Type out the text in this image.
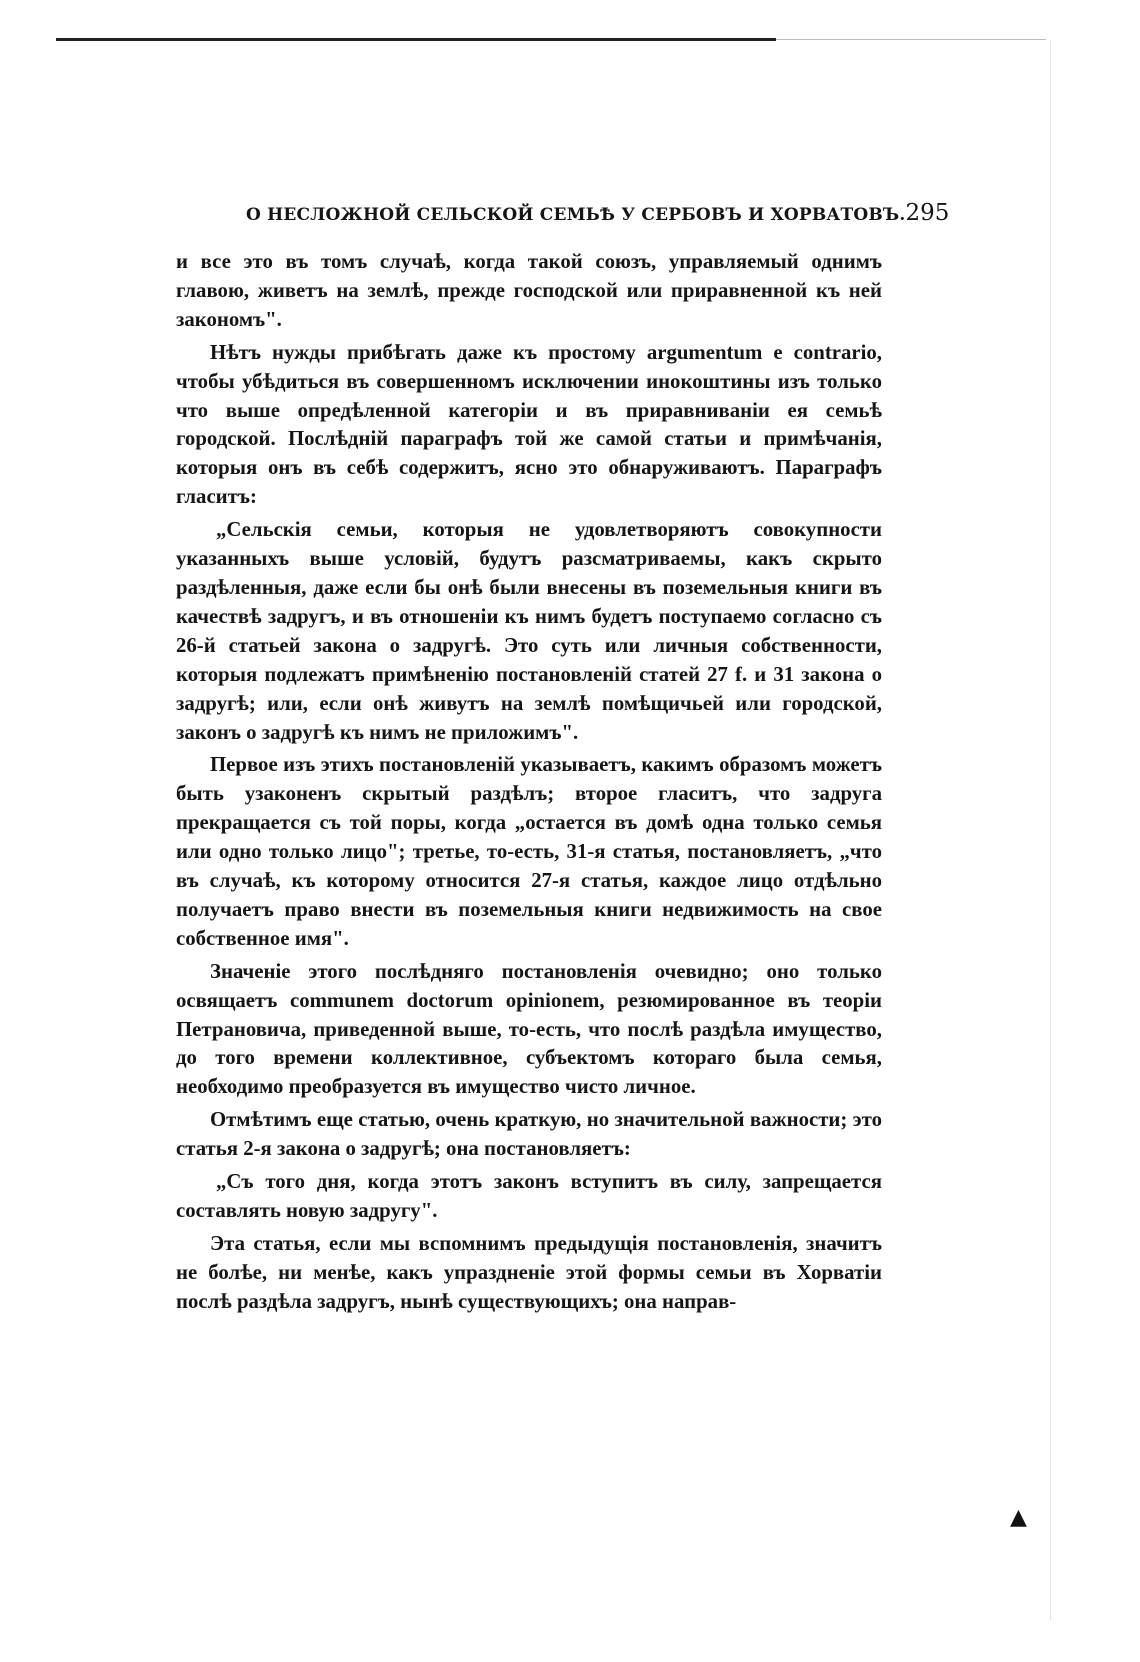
О НЕСЛОЖНОЙ СЕЛЬСКОЙ СЕМЬѢ У СЕРБОВЪ И ХОРВАТОВЪ. 295

и все это въ томъ случаѣ, когда такой союзъ, управляемый однимъ главою, живетъ на землѣ, прежде господской или приравненной къ ней закономъ".

Нѣтъ нужды прибѣгать даже къ простому argumentum e contrario, чтобы убѣдиться въ совершенномъ исключении инокоштины изъ только что выше опредѣленной категоріи и въ приравниваніи ея семьѣ городской. Послѣдній параграфъ той же самой статьи и примѣчанія, которыя онъ въ себѣ содержитъ, ясно это обнаруживаютъ. Параграфъ гласитъ:

„Сельскія семьи, которыя не удовлетворяютъ совокупности указанныхъ выше условій, будутъ разсматриваемы, какъ скрыто раздѣленныя, даже если бы онѣ были внесены въ поземельныя книги въ качествѣ задругъ, и въ отношеніи къ нимъ будетъ поступаемо согласно съ 26-й статьей закона о задругѣ. Это суть или личныя собственности, которыя подлежатъ примѣненію постановленій статей 27 f. и 31 закона о задругѣ; или, если онѣ живутъ на землѣ помѣщичьей или городской, законъ о задругѣ къ нимъ не приложимъ".

Первое изъ этихъ постановленій указываетъ, какимъ образомъ можетъ быть узаконенъ скрытый раздѣлъ; второе гласитъ, что задруга прекращается съ той поры, когда „остается въ домѣ одна только семья или одно только лицо"; третье, то-есть, 31-я статья, постановляетъ, „что въ случаѣ, къ которому относится 27-я статья, каждое лицо отдѣльно получаетъ право внести въ поземельныя книги недвижимость на свое собственное имя".

Значеніе этого послѣдняго постановленія очевидно; оно только освящаетъ communem doctorum opinionem, резюмированное въ теоріи Петрановича, приведенной выше, то-есть, что послѣ раздѣла имущество, до того времени коллективное, субъектомъ котораго была семья, необходимо преобразуется въ имущество чисто личное.

Отмѣтимъ еще статью, очень краткую, но значительной важности; это статья 2-я закона о задругѣ; она постановляетъ:

„Съ того дня, когда этотъ законъ вступитъ въ силу, запрещается составлять новую задругу".

Эта статья, если мы вспомнимъ предыдущія постановленія, значитъ не болѣе, ни менѣе, какъ упраздненіе этой формы семьи въ Хорватіи послѣ раздѣла задругъ, нынѣ существующихъ; она направ-

▲
